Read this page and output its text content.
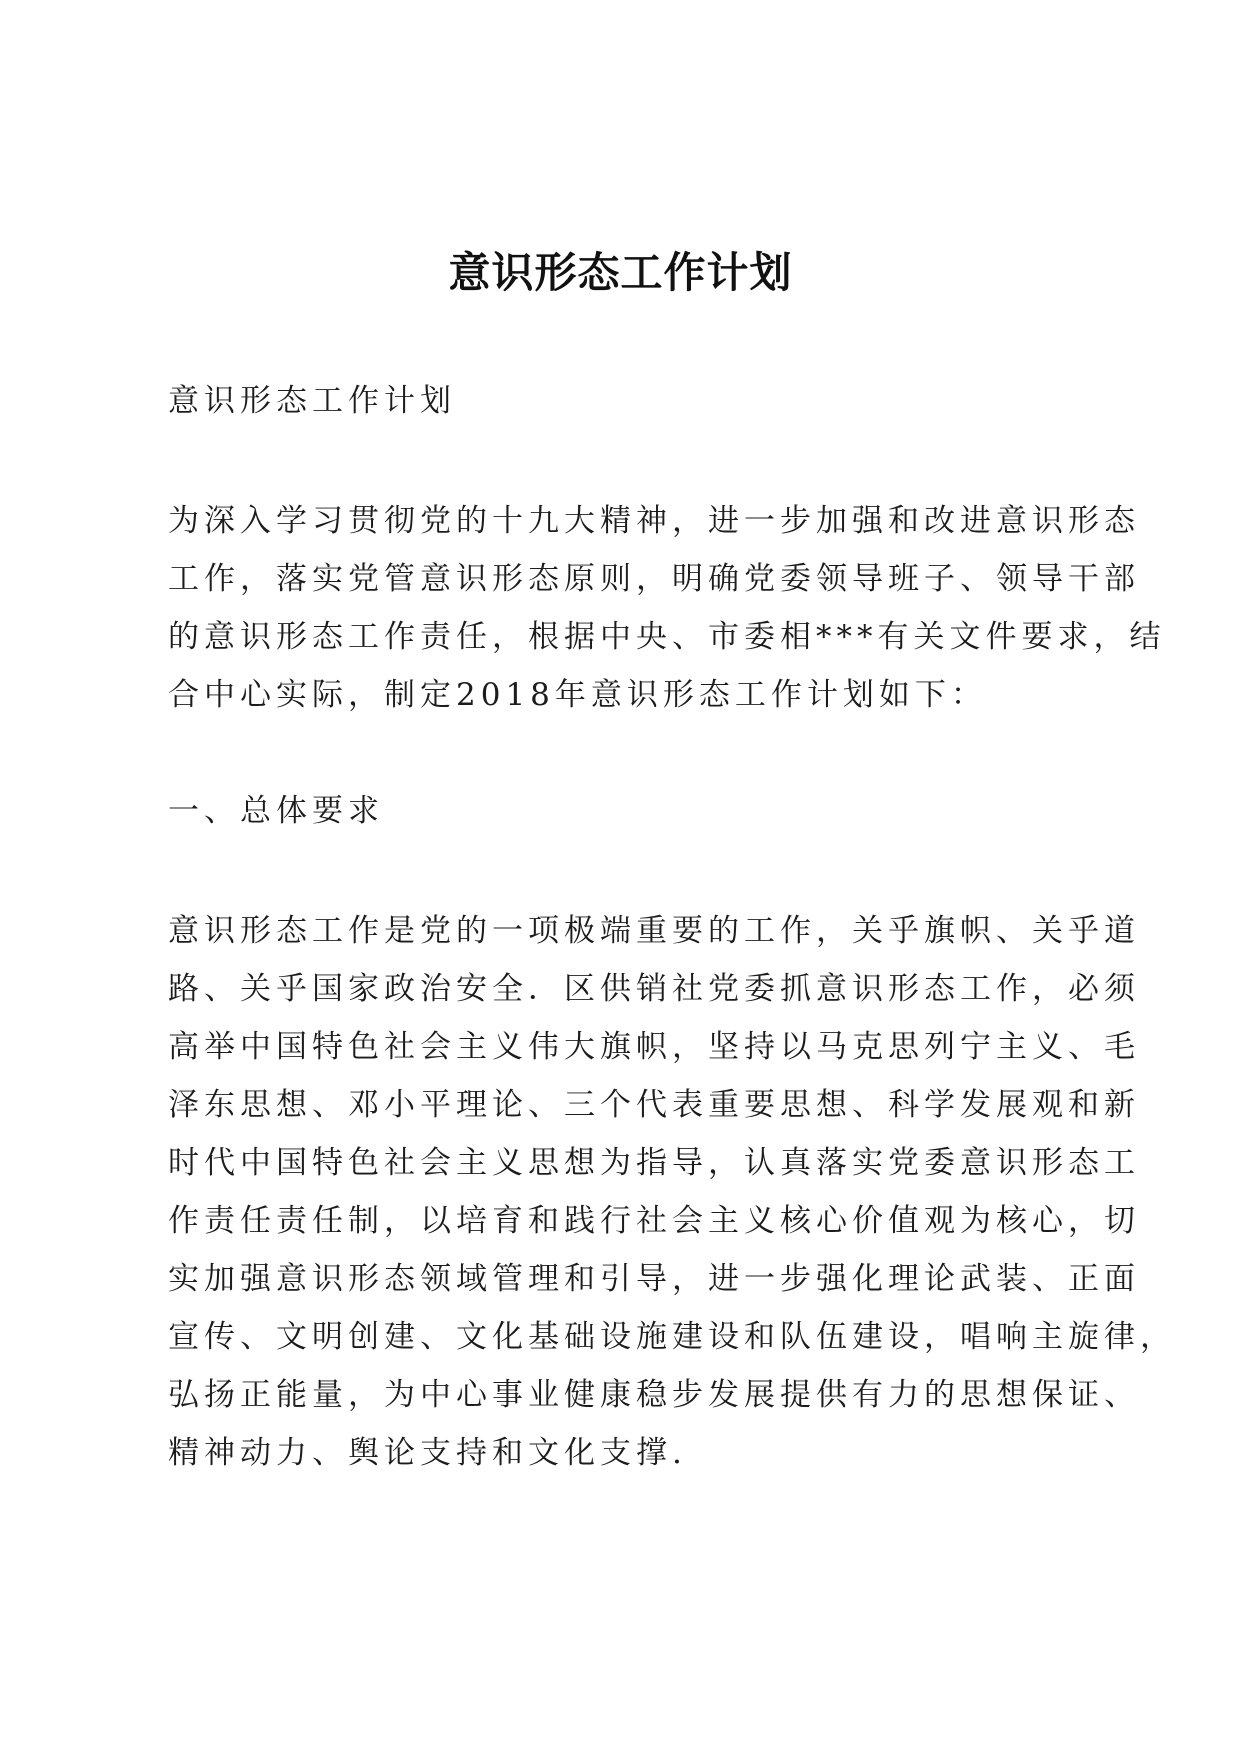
意识形态工作计划
意识形态工作计划
为深入学习贯彻党的十九大精神，进一步加强和改进意识形态
工作，落实党管意识形态原则，明确党委领导班子、领导干部
的意识形态工作责任，根据中央、市委相***有关文件要求，结
合中心实际，制定2018年意识形态工作计划如下：
一、总体要求
意识形态工作是党的一项极端重要的工作，关乎旗帜、关乎道
路、关乎国家政治安全．区供销社党委抓意识形态工作，必须
高举中国特色社会主义伟大旗帜，坚持以马克思列宁主义、毛
泽东思想、邓小平理论、三个代表重要思想、科学发展观和新
时代中国特色社会主义思想为指导，认真落实党委意识形态工
作责任责任制，以培育和践行社会主义核心价值观为核心，切
实加强意识形态领域管理和引导，进一步强化理论武装、正面
宣传、文明创建、文化基础设施建设和队伍建设，唱响主旋律，
弘扬正能量，为中心事业健康稳步发展提供有力的思想保证、
精神动力、舆论支持和文化支撑.
